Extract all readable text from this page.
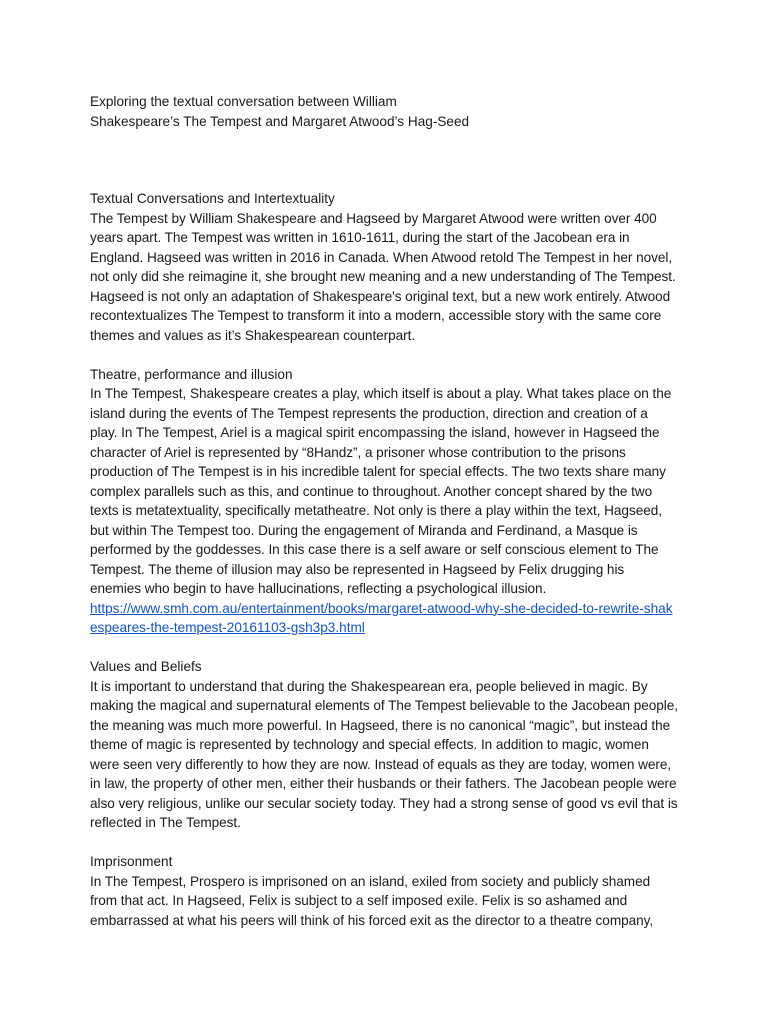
Exploring the textual conversation between William
Shakespeare’s The Tempest and Margaret Atwood’s Hag-Seed
Textual Conversations and Intertextuality

The Tempest by William Shakespeare and Hagseed by Margaret Atwood were written over 400 years apart. The Tempest was written in 1610-1611, during the start of the Jacobean era in England. Hagseed was written in 2016 in Canada. When Atwood retold The Tempest in her novel, not only did she reimagine it, she brought new meaning and a new understanding of The Tempest. Hagseed is not only an adaptation of Shakespeare's original text, but a new work entirely. Atwood recontextualizes The Tempest to transform it into a modern, accessible story with the same core themes and values as it’s Shakespearean counterpart.

Theatre, performance and illusion

In The Tempest, Shakespeare creates a play, which itself is about a play. What takes place on the island during the events of The Tempest represents the production, direction and creation of a play. In The Tempest, Ariel is a magical spirit encompassing the island, however in Hagseed the character of Ariel is represented by “8Handz”, a prisoner whose contribution to the prisons production of The Tempest is in his incredible talent for special effects. The two texts share many complex parallels such as this, and continue to throughout. Another concept shared by the two texts is metatextuality, specifically metatheatre. Not only is there a play within the text, Hagseed, but within The Tempest too. During the engagement of Miranda and Ferdinand, a Masque is performed by the goddesses. In this case there is a self aware or self conscious element to The Tempest. The theme of illusion may also be represented in Hagseed by Felix drugging his enemies who begin to have hallucinations, reflecting a psychological illusion.

https://www.smh.com.au/entertainment/books/margaret-atwood-why-she-decided-to-rewrite-shakespeares-the-tempest-20161103-gsh3p3.html
Values and Beliefs

It is important to understand that during the Shakespearean era, people believed in magic. By making the magical and supernatural elements of The Tempest believable to the Jacobean people, the meaning was much more powerful. In Hagseed, there is no canonical “magic”, but instead the theme of magic is represented by technology and special effects. In addition to magic, women were seen very differently to how they are now. Instead of equals as they are today, women were, in law, the property of other men, either their husbands or their fathers. The Jacobean people were also very religious, unlike our secular society today. They had a strong sense of good vs evil that is reflected in The Tempest.

Imprisonment

In The Tempest, Prospero is imprisoned on an island, exiled from society and publicly shamed from that act. In Hagseed, Felix is subject to a self imposed exile. Felix is so ashamed and embarrassed at what his peers will think of his forced exit as the director to a theatre company,
